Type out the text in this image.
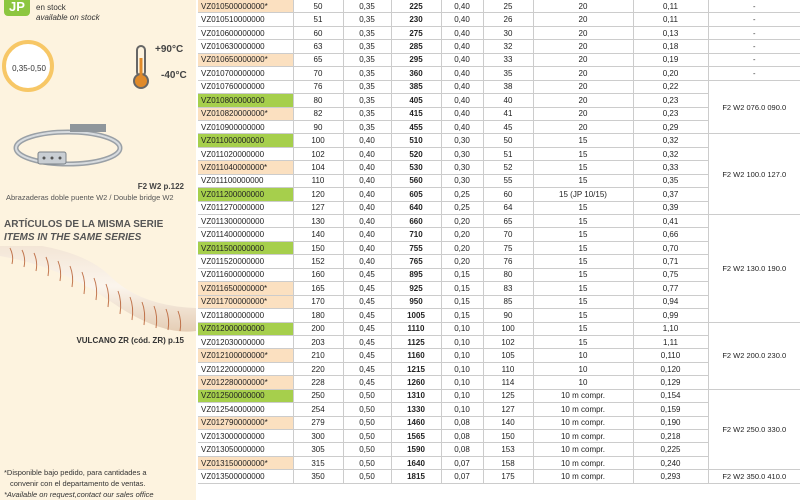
JP	en stock
available on stock
0,35-0,50
+90°C
-40°C
F2 W2 p.122
Abrazaderas doble puente W2 / Double bridge W2
ARTÍCULOS DE LA MISMA SERIE
ITEMS IN THE SAME SERIES
VULCANO ZR (cód. ZR) p.15
*Disponible bajo pedido, para cantidades a
convenir con el departamento de ventas.
*Available on request,contact our sales office
VZ010500000000*	50	0,35	225	0,40	25	20	0,11	-
VZ010510000000	51	0,35	230	0,40	26	20	0,11	-
VZ010600000000	60	0,35	275	0,40	30	20	0,13	-
VZ010630000000	63	0,35	285	0,40	32	20	0,18	-
VZ010650000000*	65	0,35	295	0,40	33	20	0,19	-
VZ010700000000	70	0,35	360	0,40	35	20	0,20	-
VZ010760000000	76	0,35	385	0,40	38	20	0,22	F2 W2 076.0 090.0
VZ010800000000	80	0,35	405	0,40	40	20	0,23	
VZ010820000000*	82	0,35	415	0,40	41	20	0,23	
VZ010900000000	90	0,35	455	0,40	45	20	0,29	
VZ011000000000	100	0,40	510	0,30	50	15	0,32	F2 W2 100.0 127.0
VZ011020000000	102	0,40	520	0,30	51	15	0,32	
VZ011040000000*	104	0,40	530	0,30	52	15	0,33	
VZ011100000000	110	0,40	560	0,30	55	15	0,35	
VZ011200000000	120	0,40	605	0,25	60	15 (JP 10/15)	0,37	
VZ011270000000	127	0,40	640	0,25	64	15	0,39	
VZ011300000000	130	0,40	660	0,20	65	15	0,41	F2 W2 130.0 190.0
VZ011400000000	140	0,40	710	0,20	70	15	0,66	
VZ011500000000	150	0,40	755	0,20	75	15	0,70	
VZ011520000000	152	0,40	765	0,20	76	15	0,71	
VZ011600000000	160	0,45	895	0,15	80	15	0,75	
VZ011650000000*	165	0,45	925	0,15	83	15	0,77	
VZ011700000000*	170	0,45	950	0,15	85	15	0,94	
VZ011800000000	180	0,45	1005	0,15	90	15	0,99	
VZ012000000000	200	0,45	1110	0,10	100	15	1,10	F2 W2 200.0 230.0
VZ012030000000	203	0,45	1125	0,10	102	15	1,11	
VZ012100000000*	210	0,45	1160	0,10	105	10	0,110	
VZ012200000000	220	0,45	1215	0,10	110	10	0,120	
VZ012280000000*	228	0,45	1260	0,10	114	10	0,129	
VZ012500000000	250	0,50	1310	0,10	125	10 m compr.	0,154	F2 W2 250.0 330.0
VZ012540000000	254	0,50	1330	0,10	127	10 m compr.	0,159	
VZ012790000000*	279	0,50	1460	0,08	140	10 m compr.	0,190	
VZ013000000000	300	0,50	1565	0,08	150	10 m compr.	0,218	
VZ013050000000	305	0,50	1590	0,08	153	10 m compr.	0,225	
VZ013150000000*	315	0,50	1640	0,07	158	10 m compr.	0,240	
VZ013500000000	350	0,50	1815	0,07	175	10 m compr.	0,293	F2 W2 350.0 410.0
